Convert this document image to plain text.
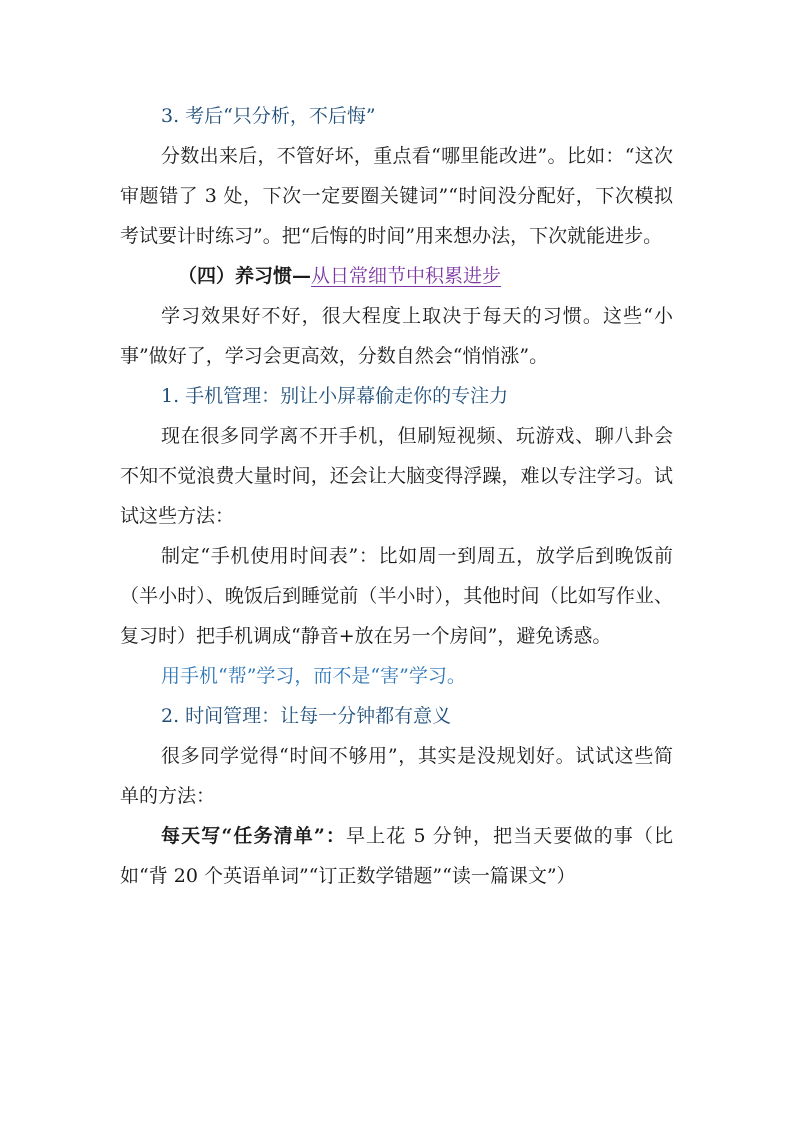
3. 考后“只分析，不后悔”

分数出来后，不管好坏，重点看“哪里能改进”。比如：“这次审题错了 3 处，下次一定要圈关键词”“时间没分配好，下次模拟考试要计时练习”。把“后悔的时间”用来想办法，下次就能进步。

（四）养习惯—从日常细节中积累进步

学习效果好不好，很大程度上取决于每天的习惯。这些“小事”做好了，学习会更高效，分数自然会“悄悄涨”。

1. 手机管理：别让小屏幕偷走你的专注力

现在很多同学离不开手机，但刷短视频、玩游戏、聊八卦会不知不觉浪费大量时间，还会让大脑变得浮躁，难以专注学习。试试这些方法：

制定“手机使用时间表”：比如周一到周五，放学后到晚饭前（半小时）、晚饭后到睡觉前（半小时），其他时间（比如写作业、复习时）把手机调成“静音+放在另一个房间”，避免诱惑。

用手机“帮”学习，而不是“害”学习。

2. 时间管理：让每一分钟都有意义

很多同学觉得“时间不够用”，其实是没规划好。试试这些简单的方法：

每天写“任务清单”：早上花 5 分钟，把当天要做的事（比如“背 20 个英语单词”“订正数学错题”“读一篇课文”）
